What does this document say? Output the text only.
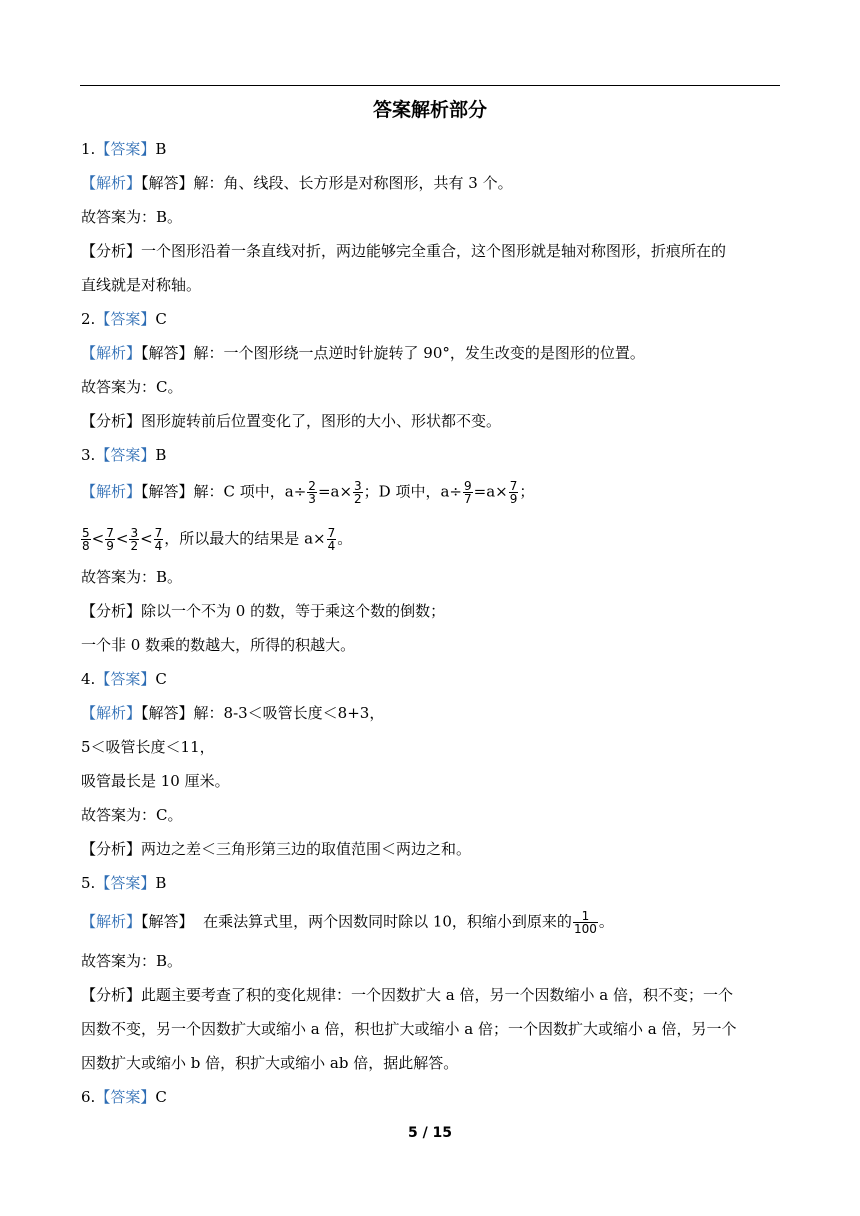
答案解析部分
1.【答案】B
【解析】【解答】解：角、线段、长方形是对称图形，共有 3 个。
故答案为：B。
【分析】一个图形沿着一条直线对折，两边能够完全重合，这个图形就是轴对称图形，折痕所在的
直线就是对称轴。
2.【答案】C
【解析】【解答】解：一个图形绕一点逆时针旋转了 90°，发生改变的是图形的位置。
故答案为：C。
【分析】图形旋转前后位置变化了，图形的大小、形状都不变。
3.【答案】B
【解析】【解答】解：C 项中，$a\div \frac{2}{3} =a\times \frac{3}{2}$ ；D 项中，$a\div \frac{9}{7} =a\times \frac{7}{9}$ ；
$\frac{5}{8} < \frac{7}{9} < \frac{3}{2} < \frac{7}{4}$ ，所以最大的结果是 $a\times \frac{7}{4}$ 。
故答案为：B。
【分析】除以一个不为 0 的数，等于乘这个数的倒数；
一个非 0 数乘的数越大，所得的积越大。
4.【答案】C
【解析】【解答】解：8-3＜吸管长度＜8+3，
5＜吸管长度＜11，
吸管最长是 10 厘米。
故答案为：C。
【分析】两边之差＜三角形第三边的取值范围＜两边之和。
5.【答案】B
【解析】【解答】  在乘法算式里，两个因数同时除以 10，积缩小到原来的 $\frac{1}{100}$ 。
故答案为：B。
【分析】此题主要考查了积的变化规律：一个因数扩大 a 倍，另一个因数缩小 a 倍，积不变；一个
因数不变，另一个因数扩大或缩小 a 倍，积也扩大或缩小 a 倍；一个因数扩大或缩小 a 倍，另一个
因数扩大或缩小 b 倍，积扩大或缩小 ab 倍，据此解答。
6.【答案】C
5 / 15
